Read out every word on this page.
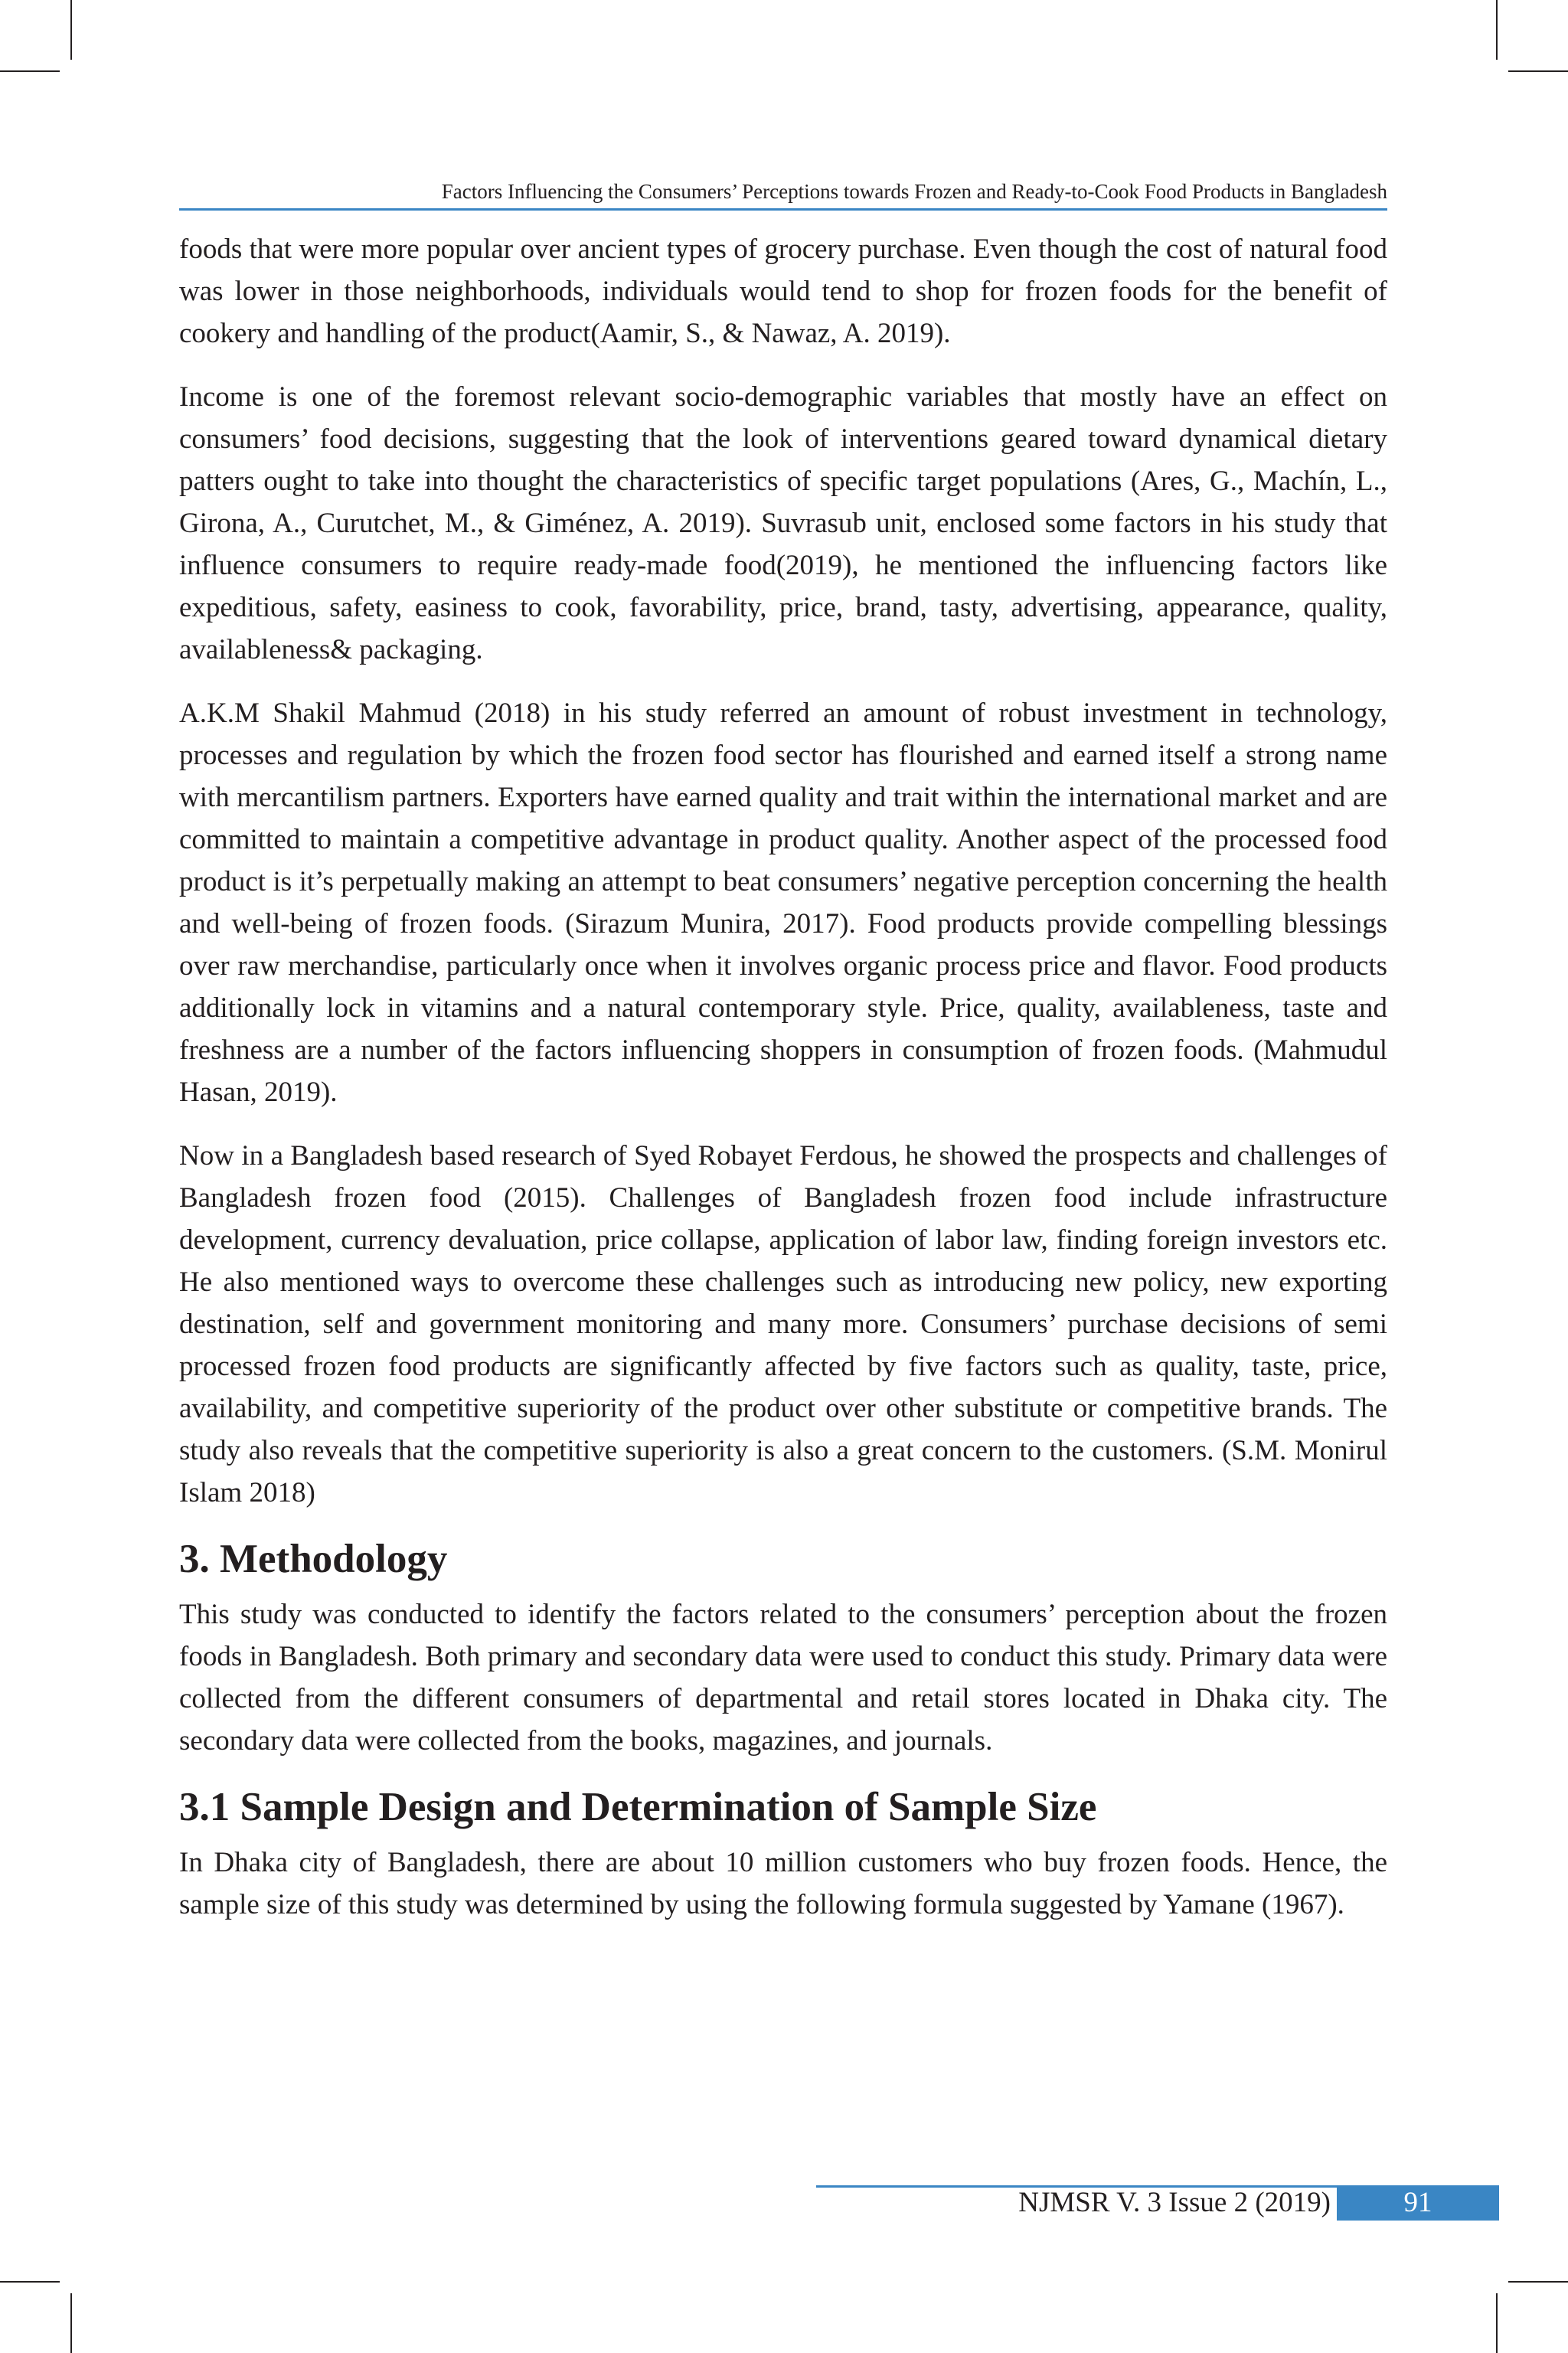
Factors Influencing the Consumers’ Perceptions towards Frozen and Ready-to-Cook Food Products in Bangladesh

foods that were more popular over ancient types of grocery purchase. Even though the cost of natural food was lower in those neighborhoods, individuals would tend to shop for frozen foods for the benefit of cookery and handling of the product(Aamir, S., & Nawaz, A. 2019).

Income is one of the foremost relevant socio-demographic variables that mostly have an effect on consumers’ food decisions, suggesting that the look of interventions geared toward dynamical dietary patters ought to take into thought the characteristics of specific target populations (Ares, G., Machín, L., Girona, A., Curutchet, M., & Giménez, A. 2019). Suvrasub unit, enclosed some factors in his study that influence consumers to require ready-made food(2019), he mentioned the influencing factors like expeditious, safety, easiness to cook, favorability, price, brand, tasty, advertising, appearance, quality, availableness& packaging.

A.K.M Shakil Mahmud (2018) in his study referred an amount of robust investment in technology, processes and regulation by which the frozen food sector has flourished and earned itself a strong name with mercantilism partners. Exporters have earned quality and trait within the international market and are committed to maintain a competitive advantage in product quality. Another aspect of the processed food product is it’s perpetually making an attempt to beat consumers’ negative perception concerning the health and well-being of frozen foods. (Sirazum Munira, 2017). Food products provide compelling blessings over raw merchandise, particularly once when it involves organic process price and flavor. Food products additionally lock in vitamins and a natural contemporary style. Price, quality, availableness, taste and freshness are a number of the factors influencing shoppers in consumption of frozen foods. (Mahmudul Hasan, 2019).

Now in a Bangladesh based research of Syed Robayet Ferdous, he showed the prospects and challenges of Bangladesh frozen food (2015). Challenges of Bangladesh frozen food include infrastructure development, currency devaluation, price collapse, application of labor law, finding foreign investors etc. He also mentioned ways to overcome these challenges such as introducing new policy, new exporting destination, self and government monitoring and many more. Consumers’ purchase decisions of semi processed frozen food products are significantly affected by five factors such as quality, taste, price, availability, and competitive superiority of the product over other substitute or competitive brands. The study also reveals that the competitive superiority is also a great concern to the customers. (S.M. Monirul Islam 2018)

3. Methodology

This study was conducted to identify the factors related to the consumers’ perception about the frozen foods in Bangladesh. Both primary and secondary data were used to conduct this study. Primary data were collected from the different consumers of departmental and retail stores located in Dhaka city. The secondary data were collected from the books, magazines, and journals.

3.1 Sample Design and Determination of Sample Size

In Dhaka city of Bangladesh, there are about 10 million customers who buy frozen foods. Hence, the sample size of this study was determined by using the following formula suggested by Yamane (1967).

NJMSR V. 3 Issue 2 (2019)	91
